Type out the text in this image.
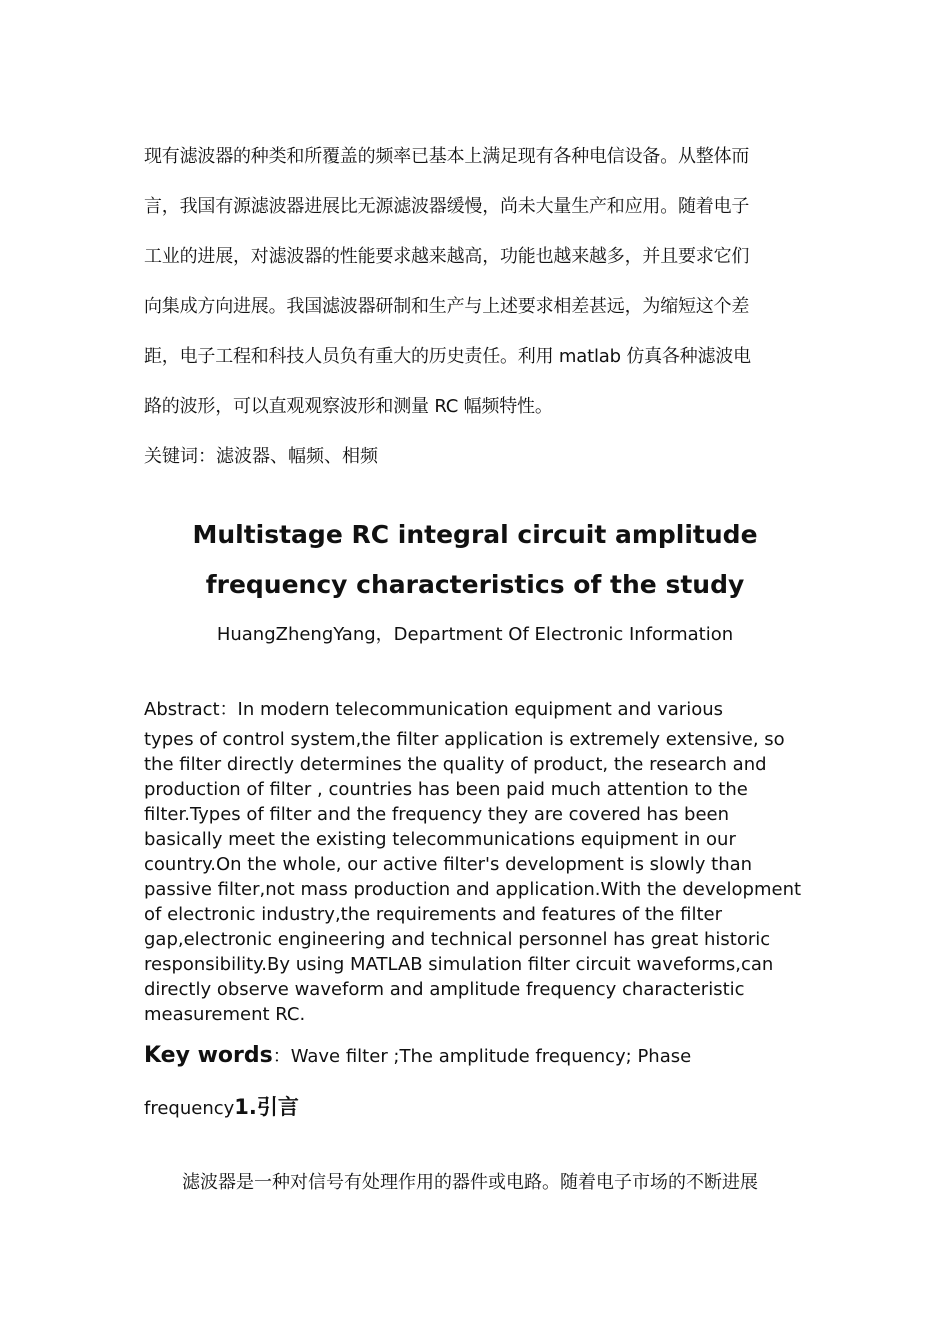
现有滤波器的种类和所覆盖的频率已基本上满足现有各种电信设备。从整体而

言，我国有源滤波器进展比无源滤波器缓慢，尚未大量生产和应用。随着电子

工业的进展，对滤波器的性能要求越来越高，功能也越来越多，并且要求它们

向集成方向进展。我国滤波器研制和生产与上述要求相差甚远，为缩短这个差

距，电子工程和科技人员负有重大的历史责任。利用 matlab 仿真各种滤波电

路的波形，可以直观观察波形和测量 RC 幅频特性。

关键词：滤波器、幅频、相频

Multistage RC integral circuit amplitude
frequency characteristics of the study

HuangZhengYang，Department Of Electronic Information

Abstract：In modern telecommunication equipment and various

types of control system,the filter application is extremely extensive, so the filter directly determines the quality of product, the research and production of filter , countries has been paid much attention to the filter.Types of filter and the frequency they are covered has been basically meet the existing telecommunications equipment in our country.On the whole, our active filter's development is slowly than passive filter,not mass production and application.With the development of electronic industry,the requirements and features of the filter gap,electronic engineering and technical personnel has great historic responsibility.By using MATLAB simulation filter circuit waveforms,can directly observe waveform and amplitude frequency characteristic measurement RC.

Key words：Wave filter ;The amplitude frequency; Phase
frequency1.引言

滤波器是一种对信号有处理作用的器件或电路。随着电子市场的不断进展
